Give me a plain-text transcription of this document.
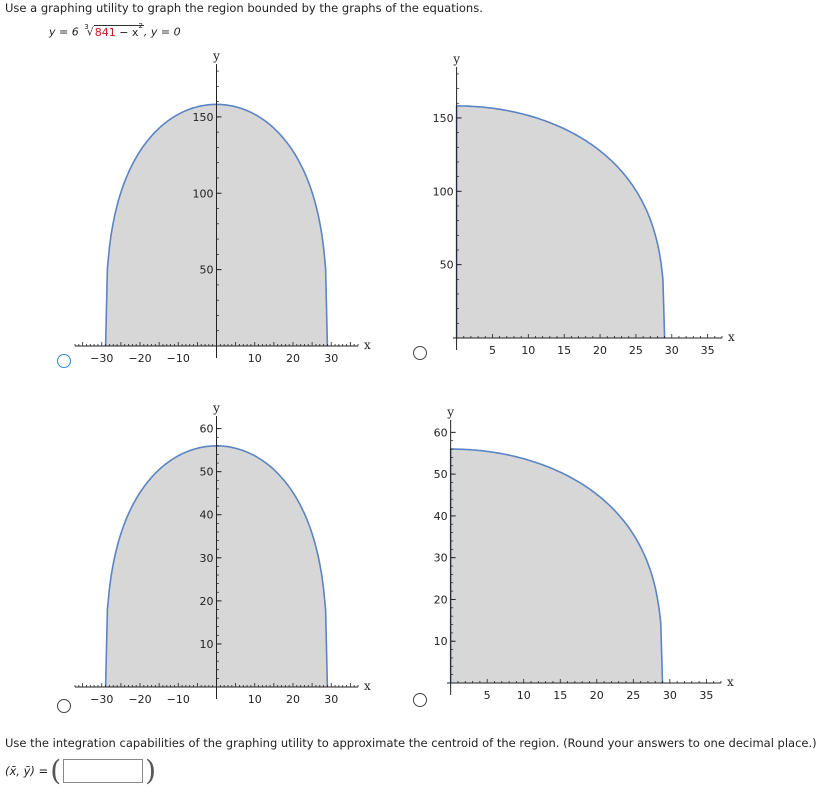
Use a graphing utility to graph the region bounded by the graphs of the equations.
y = 6 $^3√841 - x^2$, y = 0
−30 −20 −10	10 20 30
50
100
150
x
y
5 10 15 20 25 30 35
50
100
150
x
y
−30 −20 −10	10 20 30
10
20
30
40
50
60
x
y
5 10 15 20 25 30 35
10
20
30
40
50
60
x
y
Use the integration capabilities of the graphing utility to approximate the centroid of the region. (Round your answers to one decimal place.)
(x̄, ȳ) = (	)
